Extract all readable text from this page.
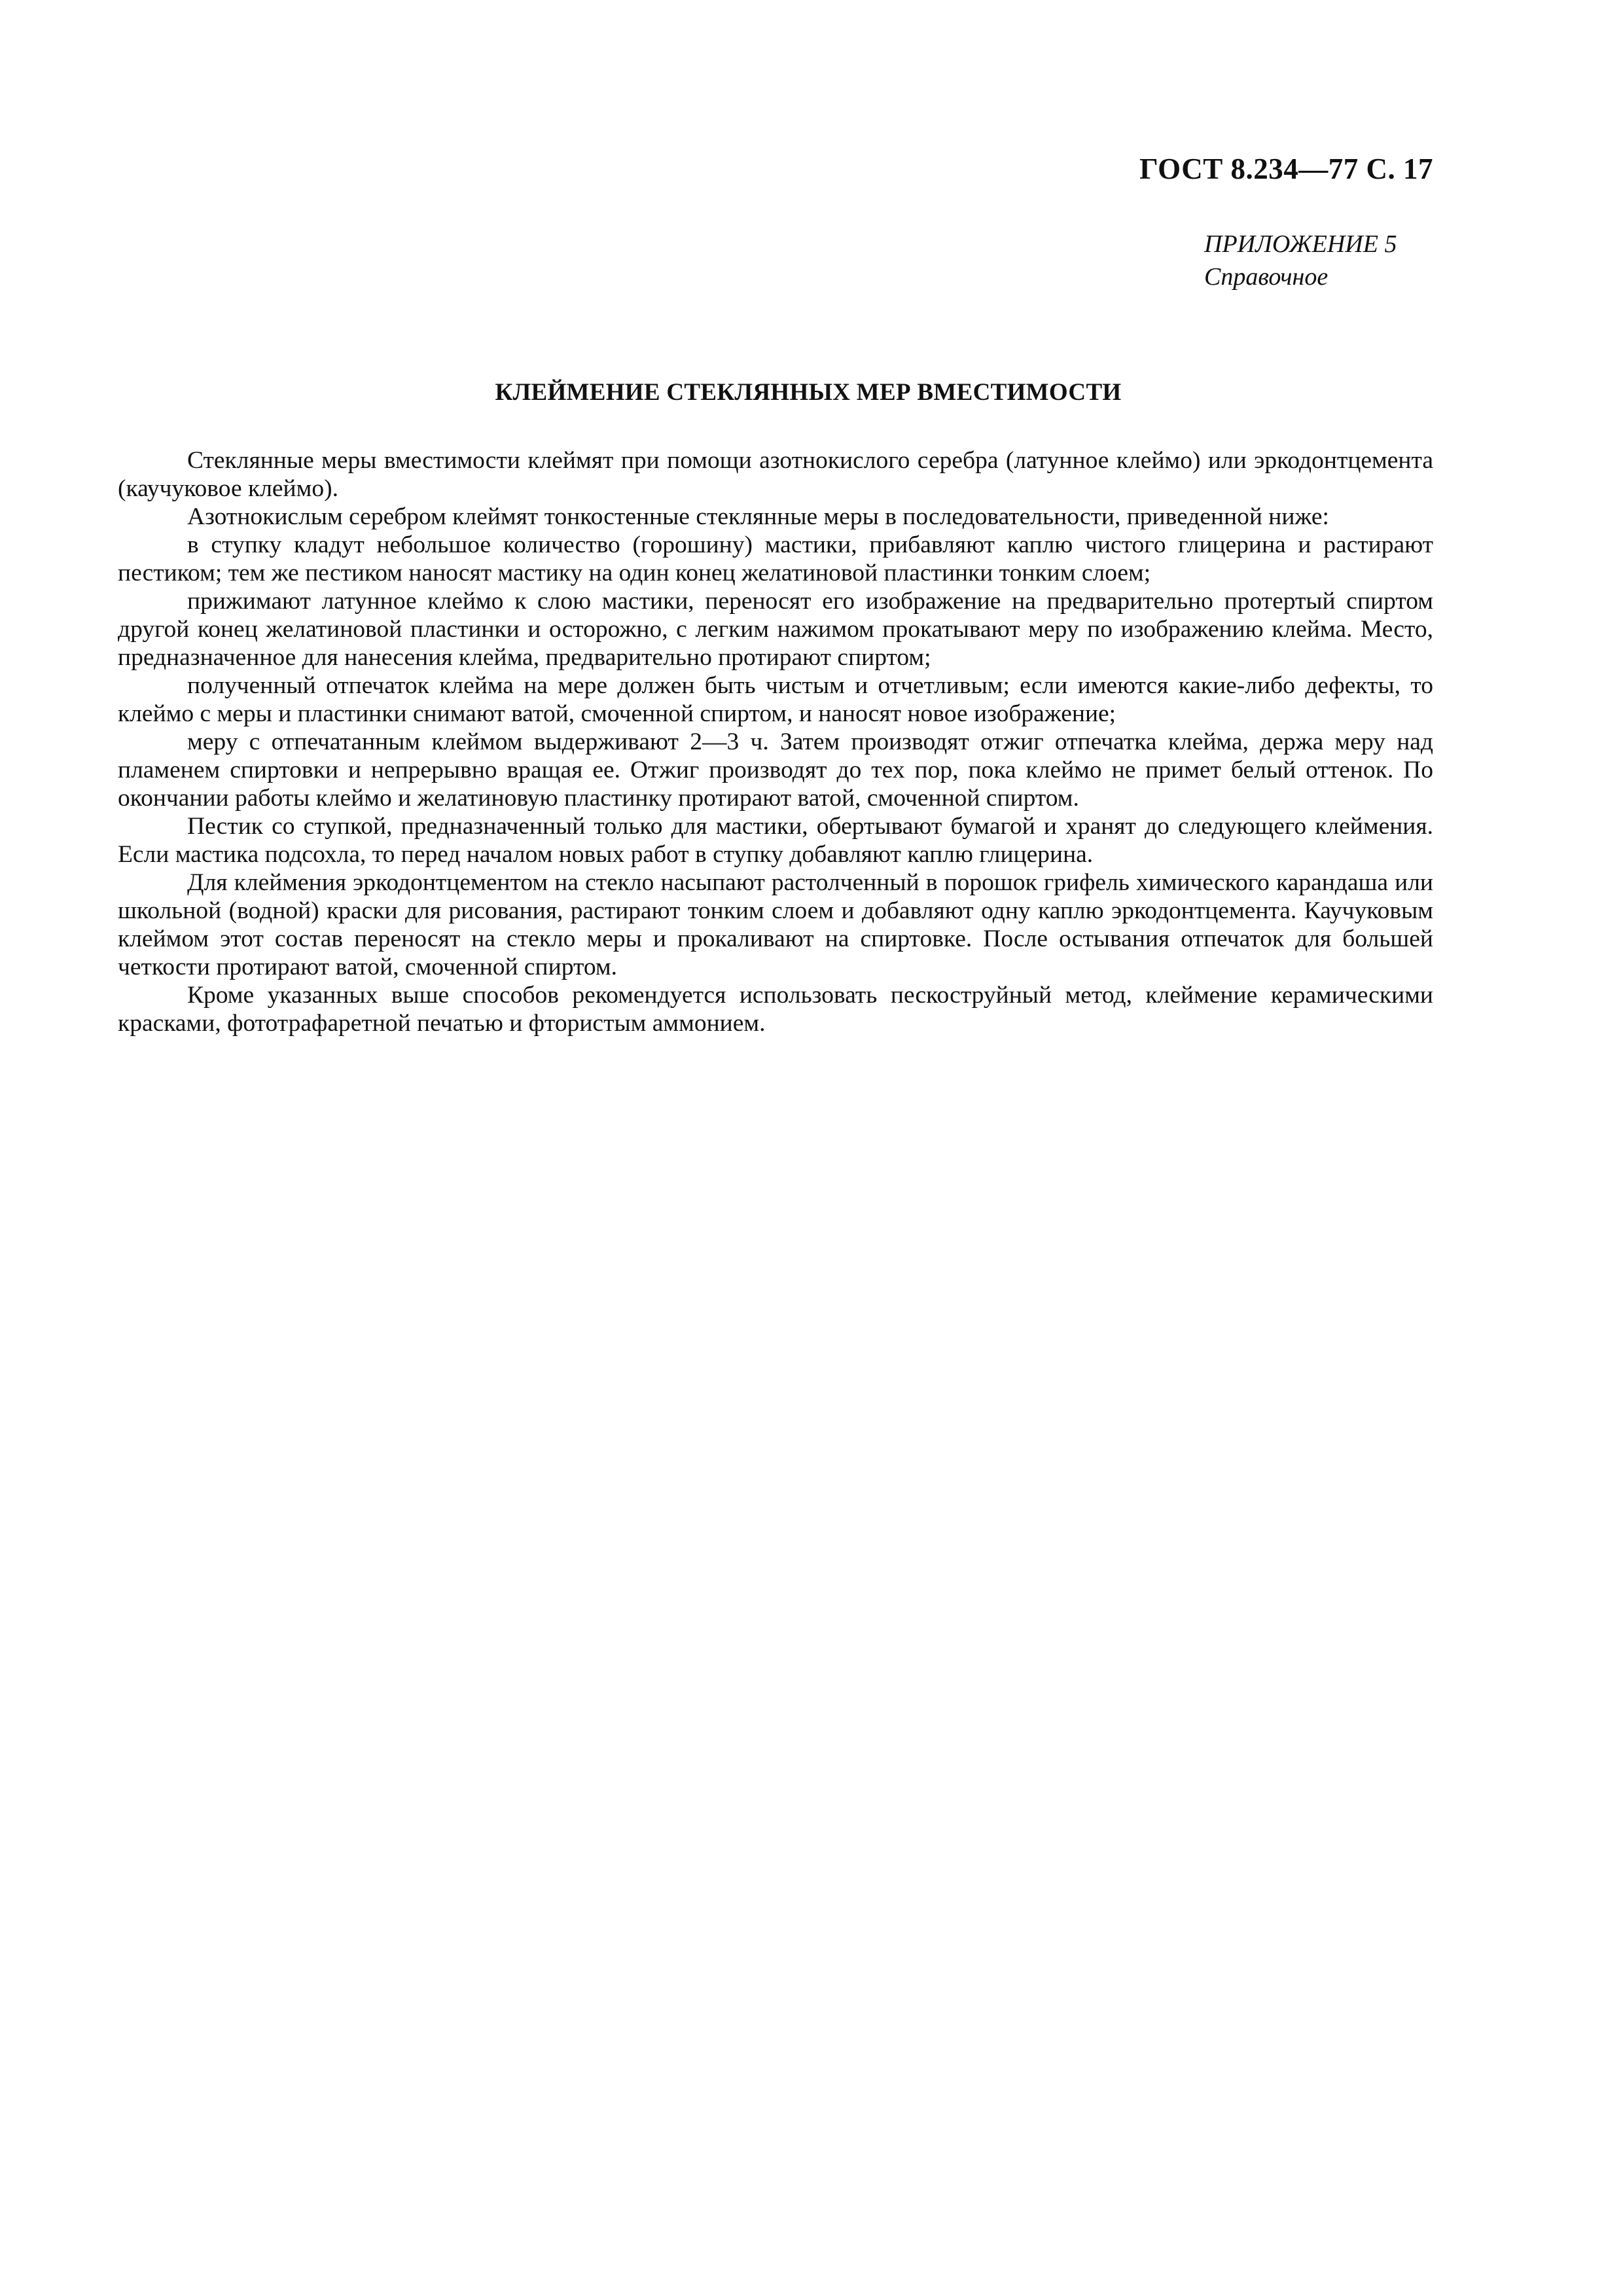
ГОСТ 8.234—77 С. 17
ПРИЛОЖЕНИЕ 5
Справочное
КЛЕЙМЕНИЕ СТЕКЛЯННЫХ МЕР ВМЕСТИМОСТИ

Стеклянные меры вместимости клеймят при помощи азотнокислого серебра (латунное клеймо) или эркодонтцемента (каучуковое клеймо).

Азотнокислым серебром клеймят тонкостенные стеклянные меры в последовательности, приведенной ниже:

в ступку кладут небольшое количество (горошину) мастики, прибавляют каплю чистого глицерина и растирают пестиком; тем же пестиком наносят мастику на один конец желатиновой пластинки тонким слоем;

прижимают латунное клеймо к слою мастики, переносят его изображение на предварительно протертый спиртом другой конец желатиновой пластинки и осторожно, с легким нажимом прокатывают меру по изображению клейма. Место, предназначенное для нанесения клейма, предварительно протирают спиртом;

полученный отпечаток клейма на мере должен быть чистым и отчетливым; если имеются какие-либо дефекты, то клеймо с меры и пластинки снимают ватой, смоченной спиртом, и наносят новое изображение;

меру с отпечатанным клеймом выдерживают 2—3 ч. Затем производят отжиг отпечатка клейма, держа меру над пламенем спиртовки и непрерывно вращая ее. Отжиг производят до тех пор, пока клеймо не примет белый оттенок. По окончании работы клеймо и желатиновую пластинку протирают ватой, смоченной спиртом.

Пестик со ступкой, предназначенный только для мастики, обертывают бумагой и хранят до следующего клеймения. Если мастика подсохла, то перед началом новых работ в ступку добавляют каплю глицерина.

Для клеймения эркодонтцементом на стекло насыпают растолченный в порошок грифель химического карандаша или школьной (водной) краски для рисования, растирают тонким слоем и добавляют одну каплю эркодонтцемента. Каучуковым клеймом этот состав переносят на стекло меры и прокаливают на спиртовке. После остывания отпечаток для большей четкости протирают ватой, смоченной спиртом.

Кроме указанных выше способов рекомендуется использовать пескоструйный метод, клеймение керамическими красками, фототрафаретной печатью и фтористым аммонием.
